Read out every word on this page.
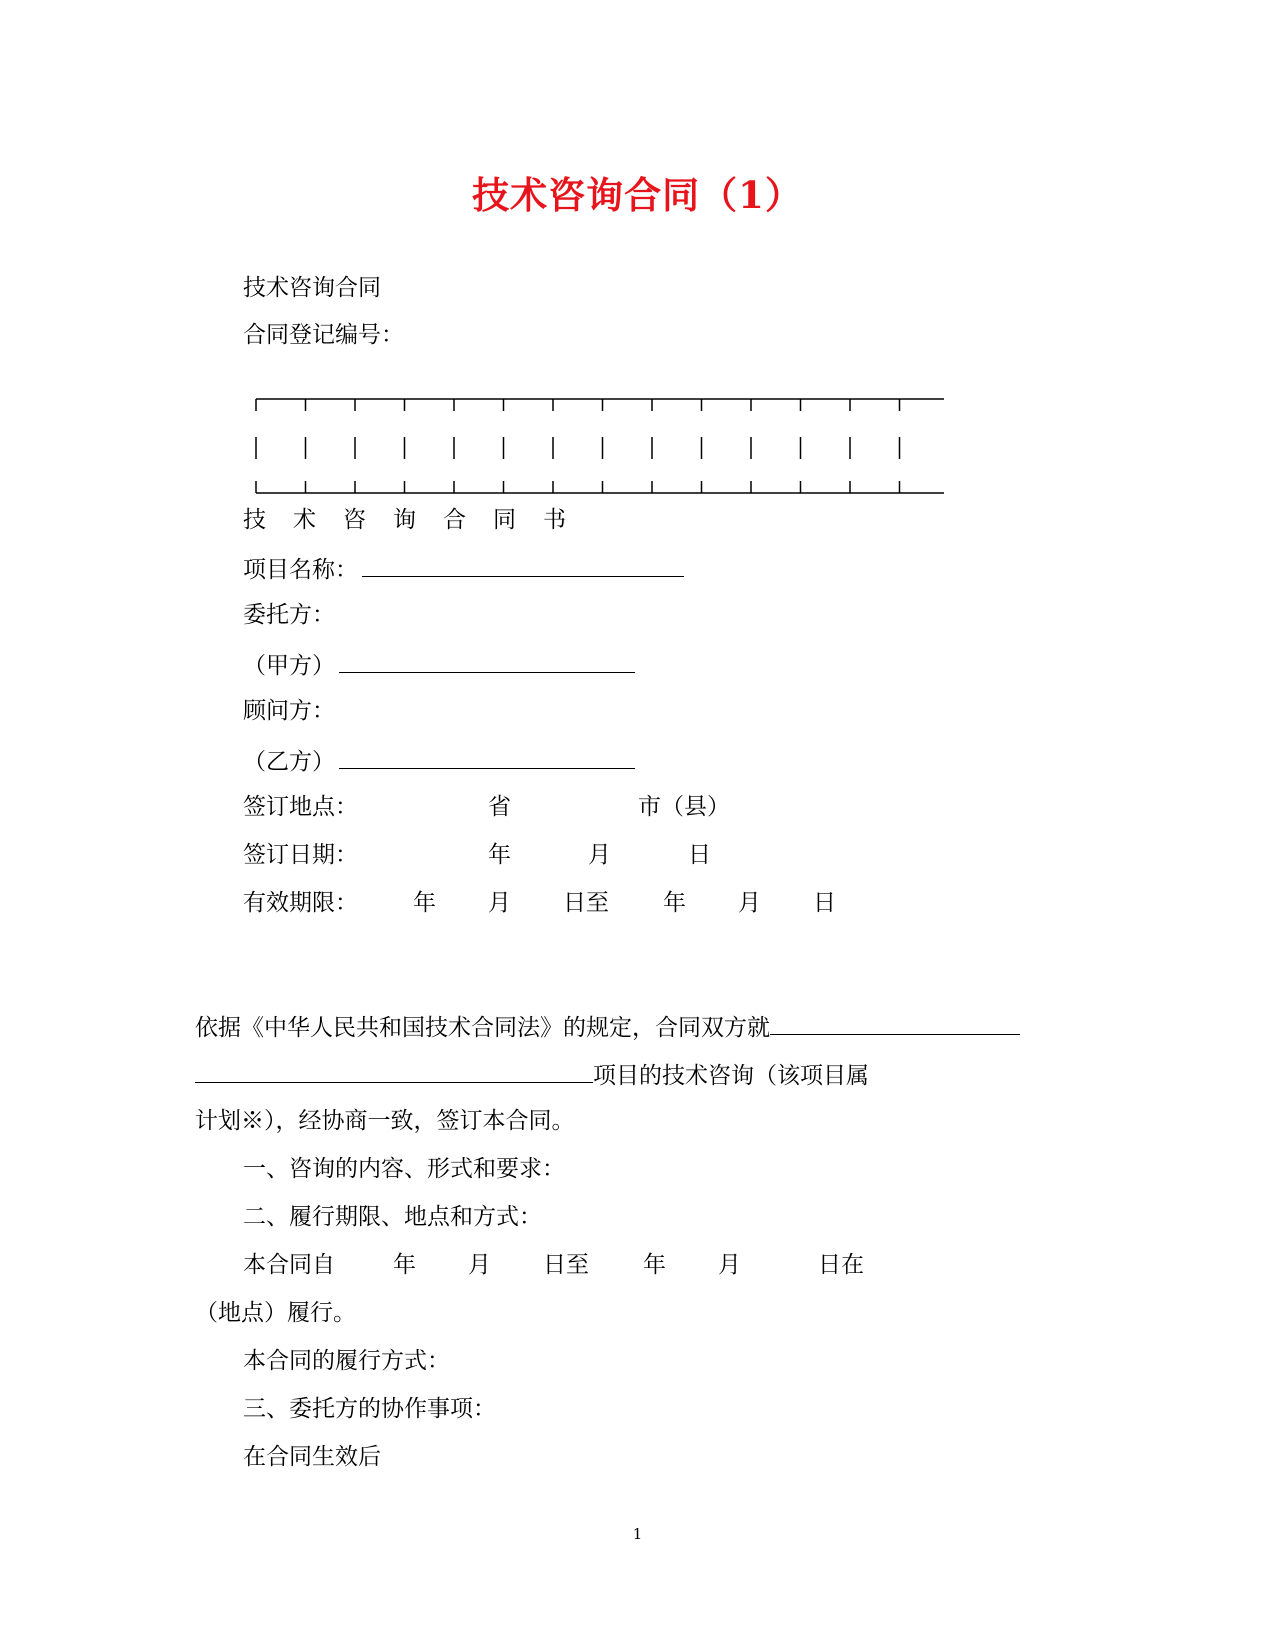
技术咨询合同（1）
技术咨询合同
合同登记编号：
技 术 咨 询 合 同 书
项目名称：
委托方：
（甲方）
顾问方：
（乙方）
签订地点：	省	市（县）
签订日期：	年	月	日
有效期限： 年 月 日至 年 月 日
依据《中华人民共和国技术合同法》的规定，合同双方就
项目的技术咨询（该项目属
计划※），经协商一致，签订本合同。
一、咨询的内容、形式和要求：
二、履行期限、地点和方式：
本合同自	年 月 日至 年 月	日在
（地点）履行。
本合同的履行方式：
三、委托方的协作事项：
在合同生效后
1
